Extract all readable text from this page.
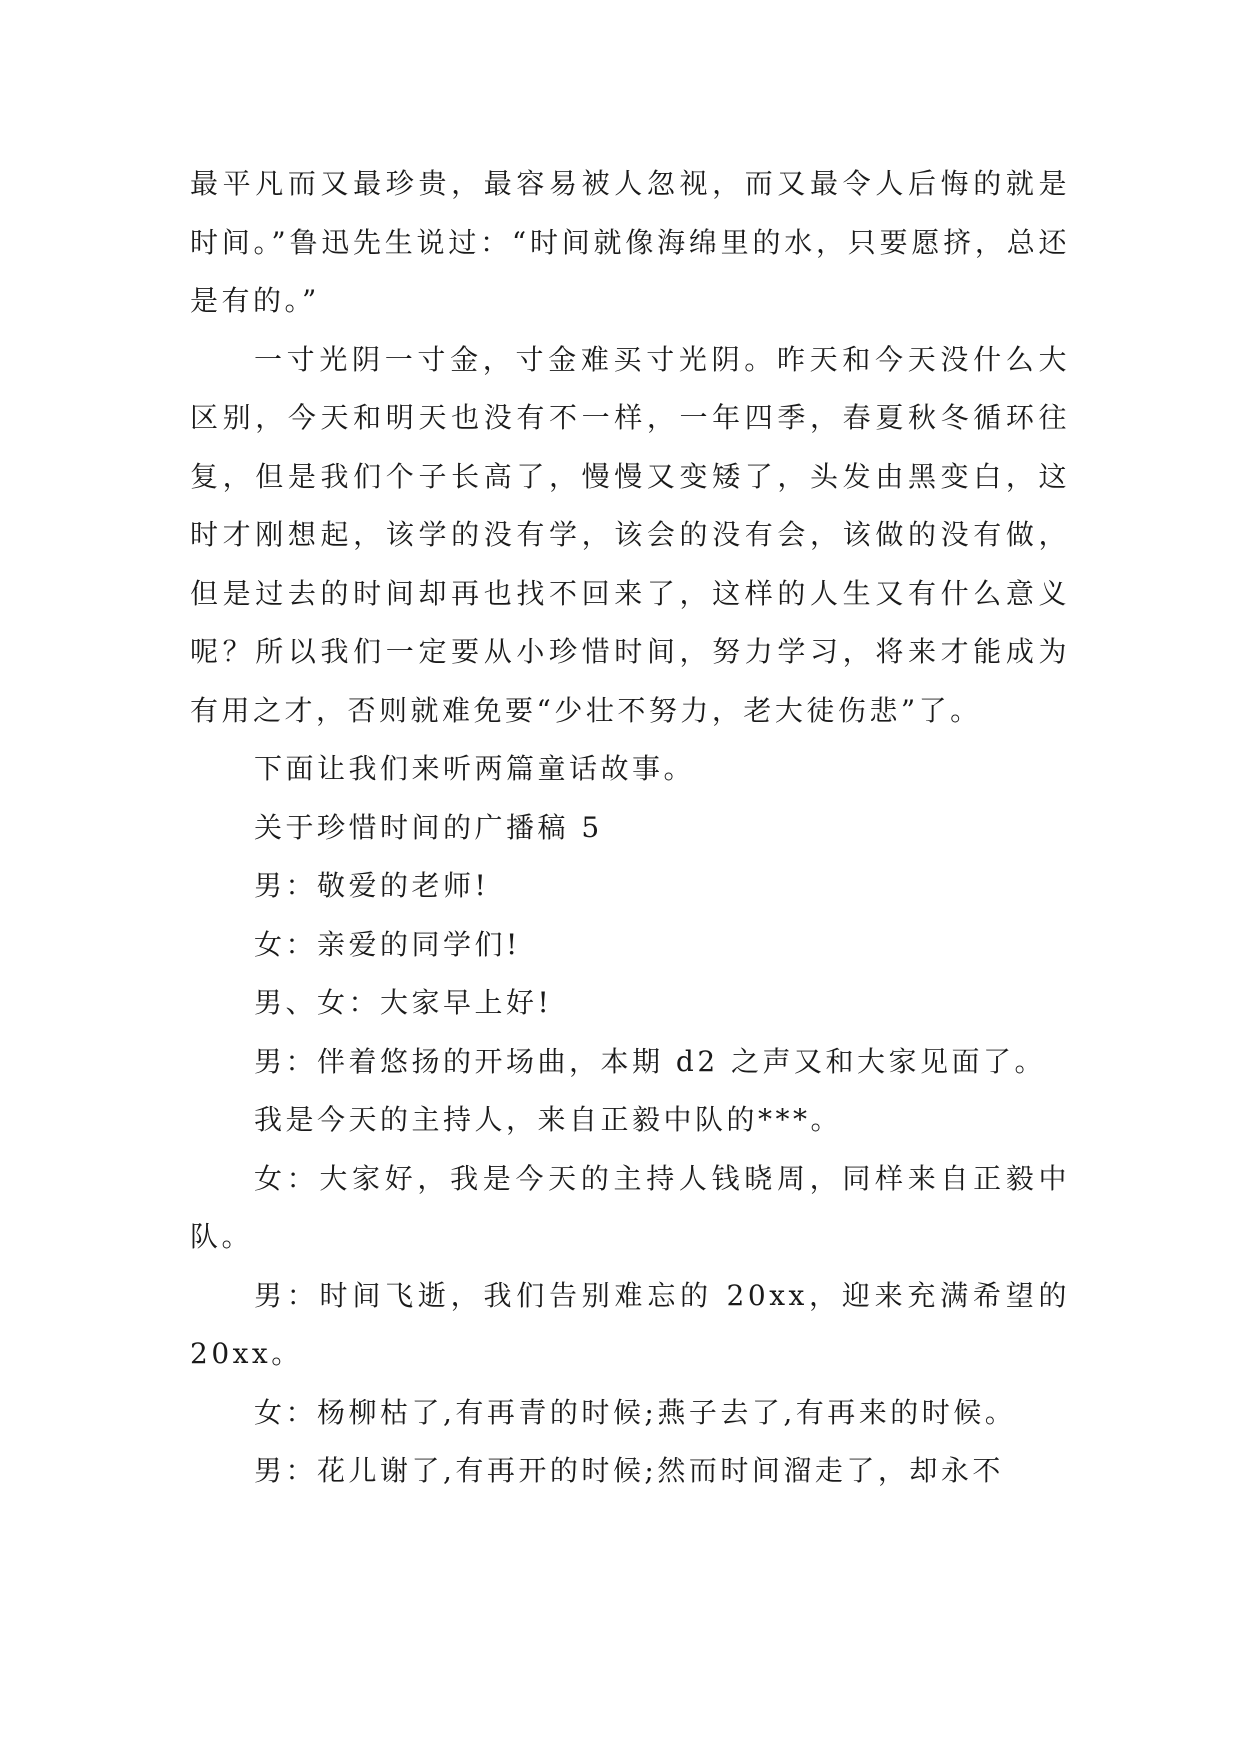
最平凡而又最珍贵，最容易被人忽视，而又最令人后悔的就是时间。”鲁迅先生说过：“时间就像海绵里的水，只要愿挤，总还是有的。”

一寸光阴一寸金，寸金难买寸光阴。昨天和今天没什么大区别，今天和明天也没有不一样，一年四季，春夏秋冬循环往复，但是我们个子长高了，慢慢又变矮了，头发由黑变白，这时才刚想起，该学的没有学，该会的没有会，该做的没有做，但是过去的时间却再也找不回来了，这样的人生又有什么意义呢？所以我们一定要从小珍惜时间，努力学习，将来才能成为有用之才，否则就难免要“少壮不努力，老大徒伤悲”了。

下面让我们来听两篇童话故事。

关于珍惜时间的广播稿 5

男：敬爱的老师!

女：亲爱的同学们!

男、女：大家早上好!

男：伴着悠扬的开场曲，本期 d2 之声又和大家见面了。

我是今天的主持人，来自正毅中队的***。

女：大家好，我是今天的主持人钱晓周，同样来自正毅中队。

男：时间飞逝，我们告别难忘的 20xx，迎来充满希望的 20xx。

女：杨柳枯了,有再青的时候;燕子去了,有再来的时候。

男：花儿谢了,有再开的时候;然而时间溜走了，却永不
